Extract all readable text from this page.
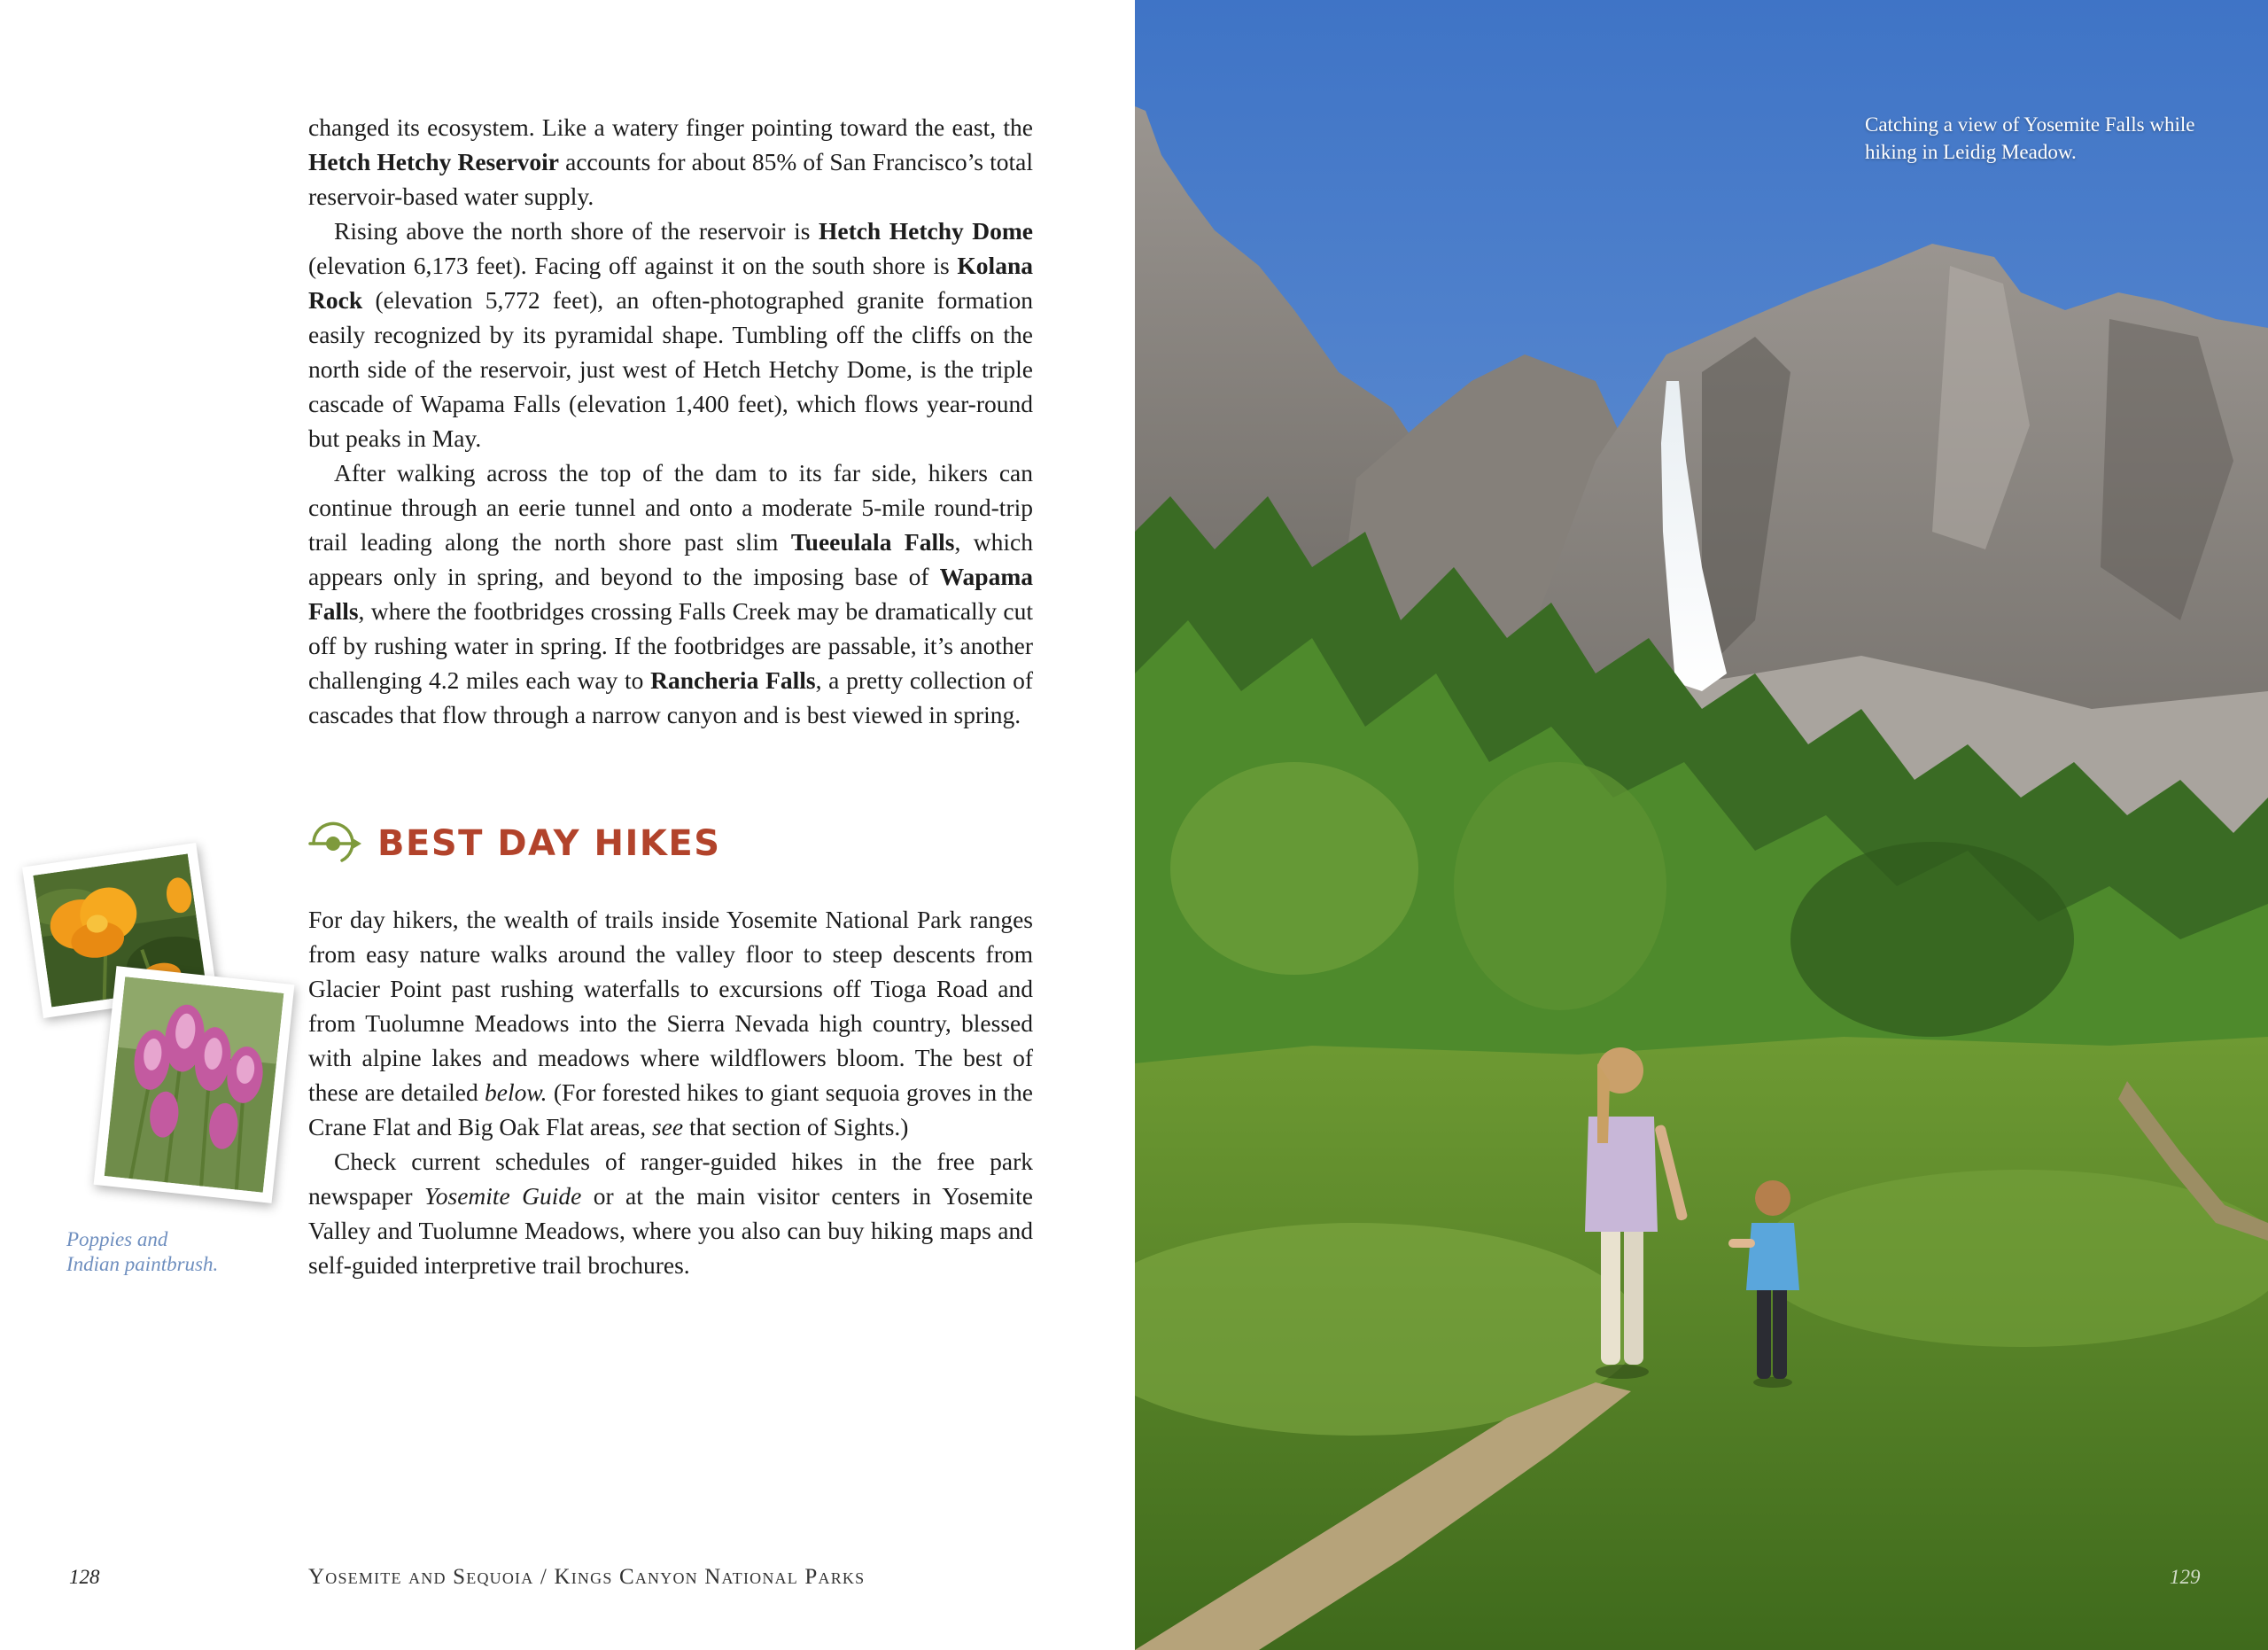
changed its ecosystem. Like a watery finger pointing toward the east, the Hetch Hetchy Reservoir accounts for about 85% of San Francisco’s total reservoir-based water supply.

Rising above the north shore of the reservoir is Hetch Hetchy Dome (elevation 6,173 feet). Facing off against it on the south shore is Kolana Rock (elevation 5,772 feet), an often-photographed granite formation easily recognized by its pyramidal shape. Tumbling off the cliffs on the north side of the reservoir, just west of Hetch Hetchy Dome, is the triple cascade of Wapama Falls (elevation 1,400 feet), which flows year-round but peaks in May.

After walking across the top of the dam to its far side, hikers can continue through an eerie tunnel and onto a moderate 5-mile round-trip trail leading along the north shore past slim Tueeulala Falls, which appears only in spring, and beyond to the imposing base of Wapama Falls, where the footbridges crossing Falls Creek may be dramatically cut off by rushing water in spring. If the footbridges are passable, it’s another challenging 4.2 miles each way to Rancheria Falls, a pretty collection of cascades that flow through a narrow canyon and is best viewed in spring.

BEST DAY HIKES

For day hikers, the wealth of trails inside Yosemite National Park ranges from easy nature walks around the valley floor to steep descents from Glacier Point past rushing waterfalls to excursions off Tioga Road and from Tuolumne Meadows into the Sierra Nevada high country, blessed with alpine lakes and meadows where wildflowers bloom. The best of these are detailed below. (For forested hikes to giant sequoia groves in the Crane Flat and Big Oak Flat areas, see that section of Sights.)

Check current schedules of ranger-guided hikes in the free park newspaper Yosemite Guide or at the main visitor centers in Yosemite Valley and Tuolumne Meadows, where you also can buy hiking maps and self-guided interpretive trail brochures.

Poppies and Indian paintbrush.
128	Yosemite and Sequoia / Kings Canyon National Parks
Catching a view of Yosemite Falls while hiking in Leidig Meadow.
129
